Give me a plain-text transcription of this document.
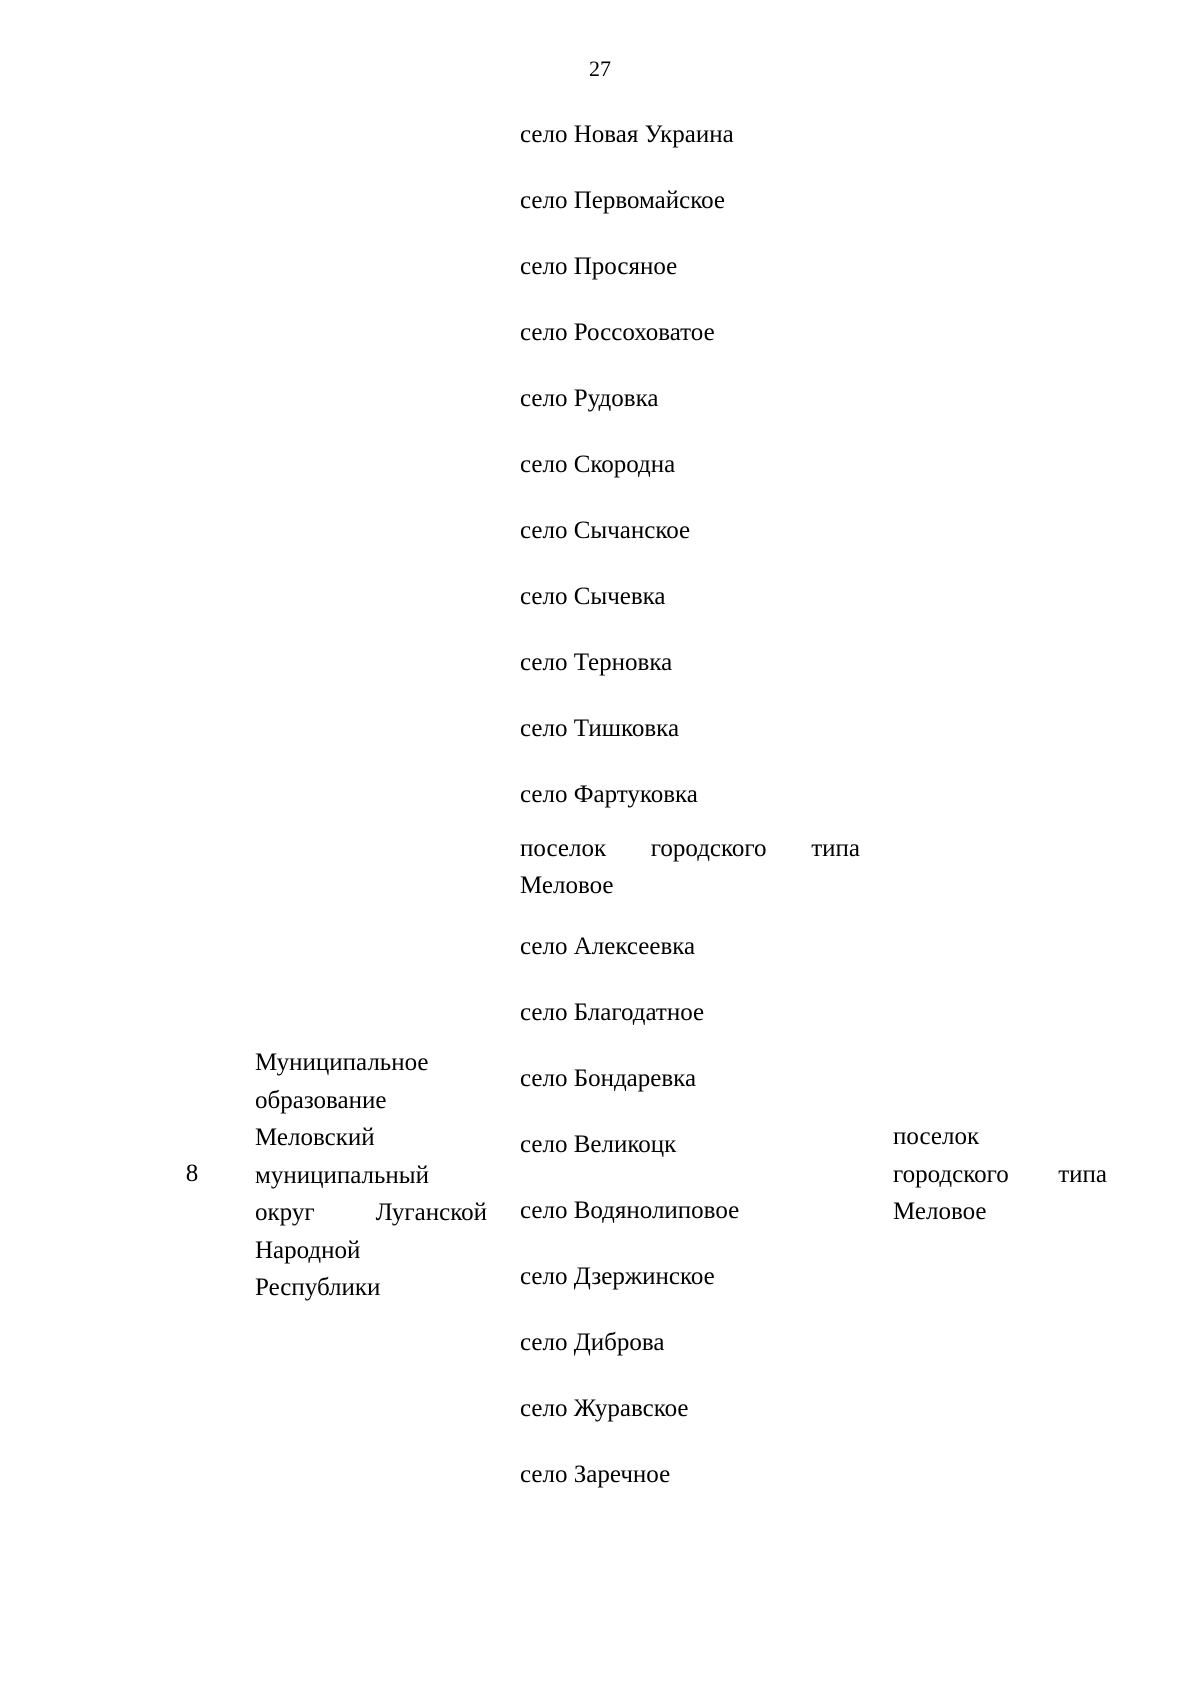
27
село Новая Украина
село Первомайское
село Просяное
село Россоховатое
село Рудовка
село Скородна
село Сычанское
село Сычевка
село Терновка
село Тишковка
село Фартуковка
поселок городского типа
Меловое
село Алексеевка
село Благодатное
село Бондаревка
село Великоцк
село Водянолиповое
село Дзержинское
село Диброва
село Журавское
село Заречное
8
Муниципальное
образование
Меловский
муниципальный
округ Луганской
Народной
Республики
поселок
городского типа
Меловое
